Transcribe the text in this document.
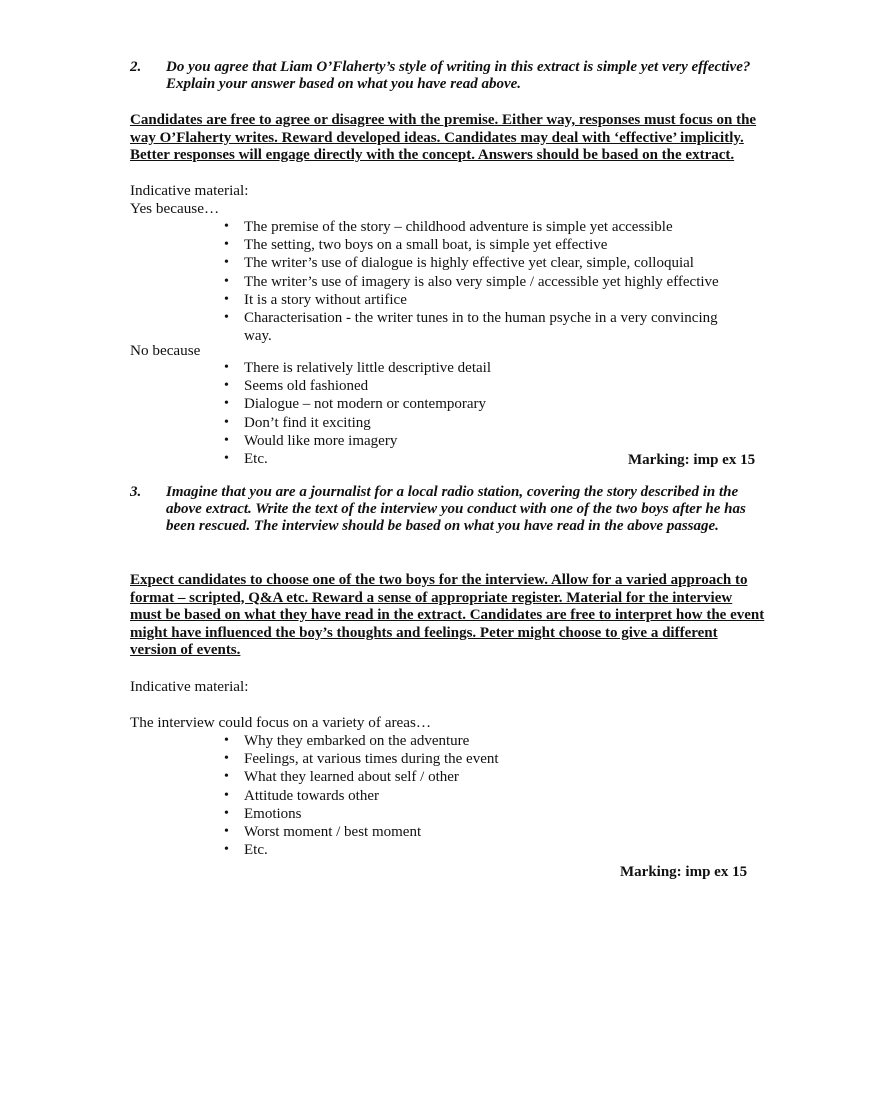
2. Do you agree that Liam O’Flaherty’s style of writing in this extract is simple yet very effective? Explain your answer based on what you have read above.
Candidates are free to agree or disagree with the premise. Either way, responses must focus on the way O’Flaherty writes. Reward developed ideas. Candidates may deal with ‘effective’ implicitly. Better responses will engage directly with the concept. Answers should be based on the extract.
Indicative material:
Yes because…
• The premise of the story – childhood adventure is simple yet accessible
• The setting, two boys on a small boat, is simple yet effective
• The writer’s use of dialogue is highly effective yet clear, simple, colloquial
• The writer’s use of imagery is also very simple / accessible yet highly effective
• It is a story without artifice
• Characterisation - the writer tunes in to the human psyche in a very convincing way.
No because
• There is relatively little descriptive detail
• Seems old fashioned
• Dialogue – not modern or contemporary
• Don’t find it exciting
• Would like more imagery
• Etc.	Marking: imp ex 15
3. Imagine that you are a journalist for a local radio station, covering the story described in the above extract. Write the text of the interview you conduct with one of the two boys after he has been rescued. The interview should be based on what you have read in the above passage.
Expect candidates to choose one of the two boys for the interview. Allow for a varied approach to format – scripted, Q&A etc. Reward a sense of appropriate register. Material for the interview must be based on what they have read in the extract. Candidates are free to interpret how the event might have influenced the boy’s thoughts and feelings. Peter might choose to give a different version of events.
Indicative material:
The interview could focus on a variety of areas…
• Why they embarked on the adventure
• Feelings, at various times during the event
• What they learned about self / other
• Attitude towards other
• Emotions
• Worst moment / best moment
• Etc.
Marking: imp ex 15
